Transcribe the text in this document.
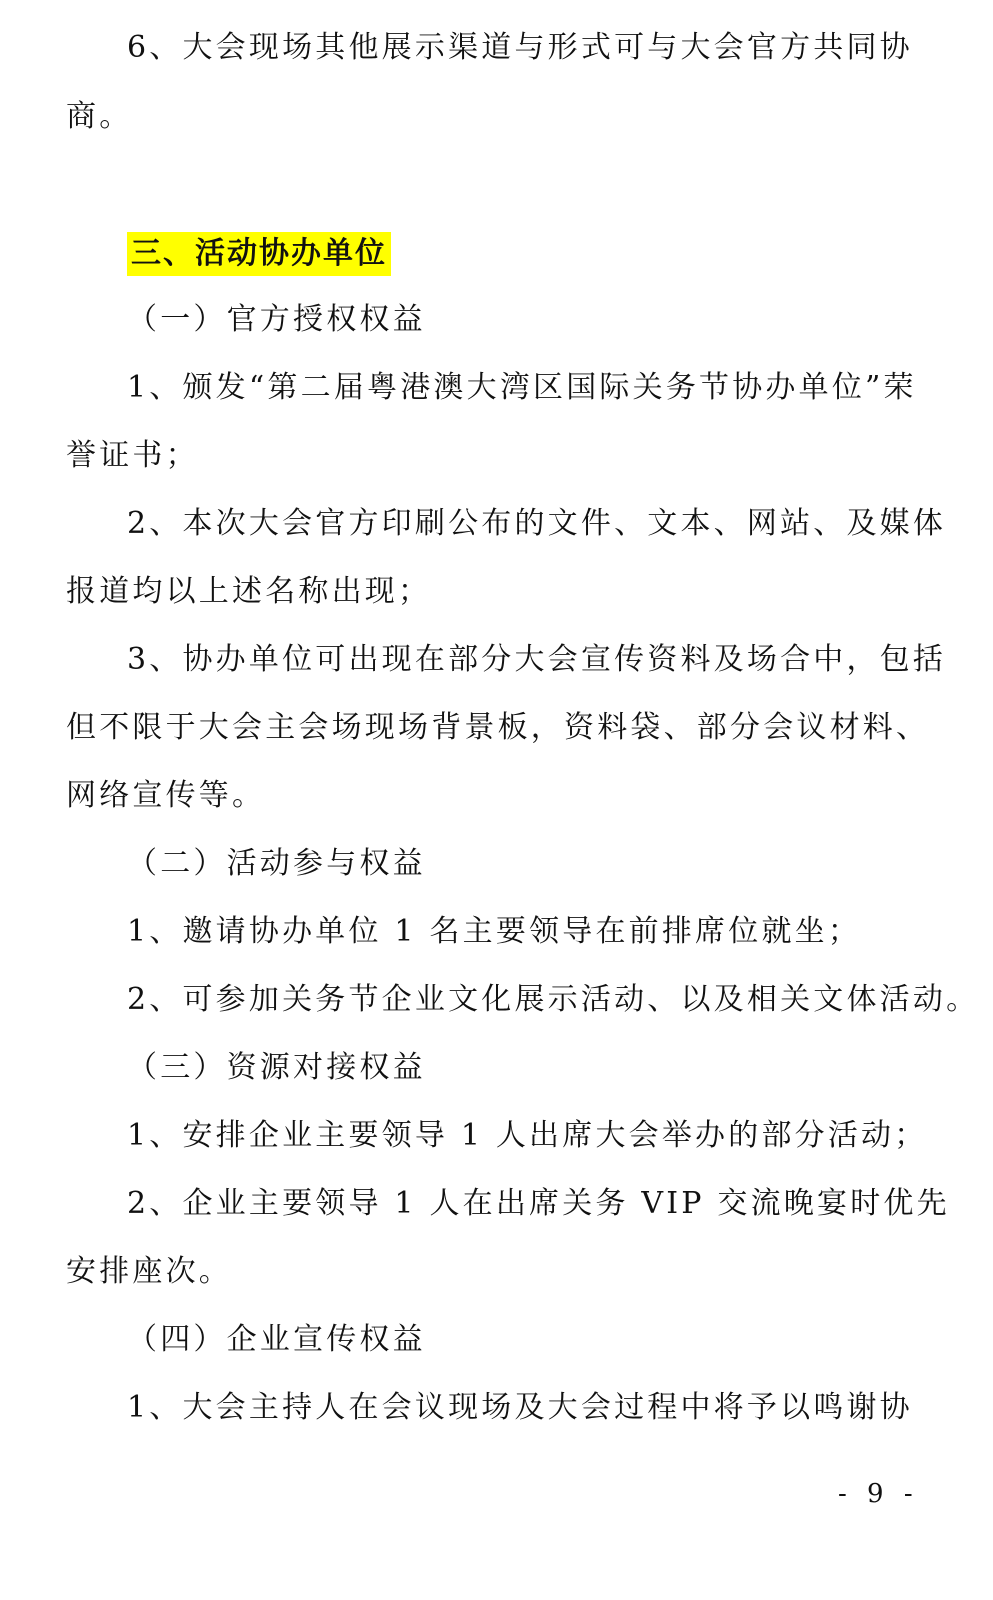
6、大会现场其他展示渠道与形式可与大会官方共同协
商。
三、活动协办单位
（一）官方授权权益
1、颁发“第二届粤港澳大湾区国际关务节协办单位”荣
誉证书；
2、本次大会官方印刷公布的文件、文本、网站、及媒体
报道均以上述名称出现；
3、协办单位可出现在部分大会宣传资料及场合中，包括
但不限于大会主会场现场背景板，资料袋、部分会议材料、
网络宣传等。
（二）活动参与权益
1、邀请协办单位 1 名主要领导在前排席位就坐；
2、可参加关务节企业文化展示活动、以及相关文体活动。
（三）资源对接权益
1、安排企业主要领导 1 人出席大会举办的部分活动；
2、企业主要领导 1 人在出席关务 VIP 交流晚宴时优先
安排座次。
（四）企业宣传权益
1、大会主持人在会议现场及大会过程中将予以鸣谢协
- 9 -
